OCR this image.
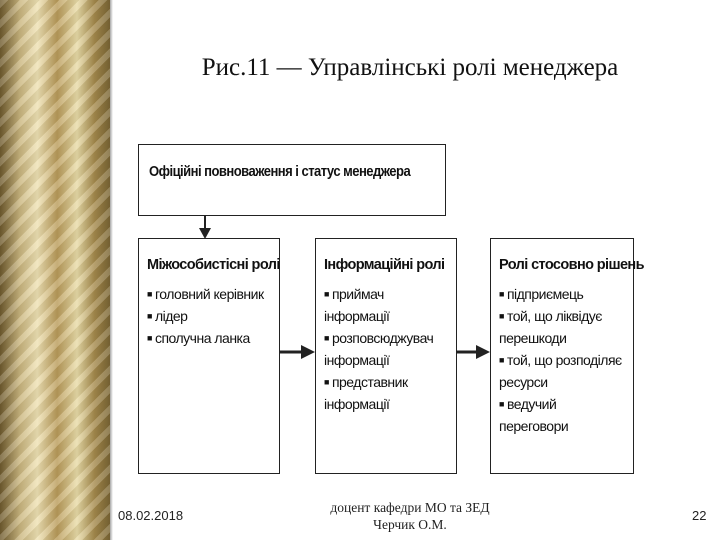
Рис.11 — Управлінські ролі менеджера
Офіційні повноваження і статус менеджера
Міжособистісні ролі
■ головний керівник
■ лідер
■ сполучна ланка
Інформаційні ролі
■ приймач інформації
■ розповсюджувач інформації
■ представник інформації
Ролі стосовно рішень
■ підприємець
■ той, що ліквідує перешкоди
■ той, що розподіляє ресурси
■ ведучий переговори
08.02.2018
доцент кафедри МО та ЗЕД
Черчик О.М.
22
